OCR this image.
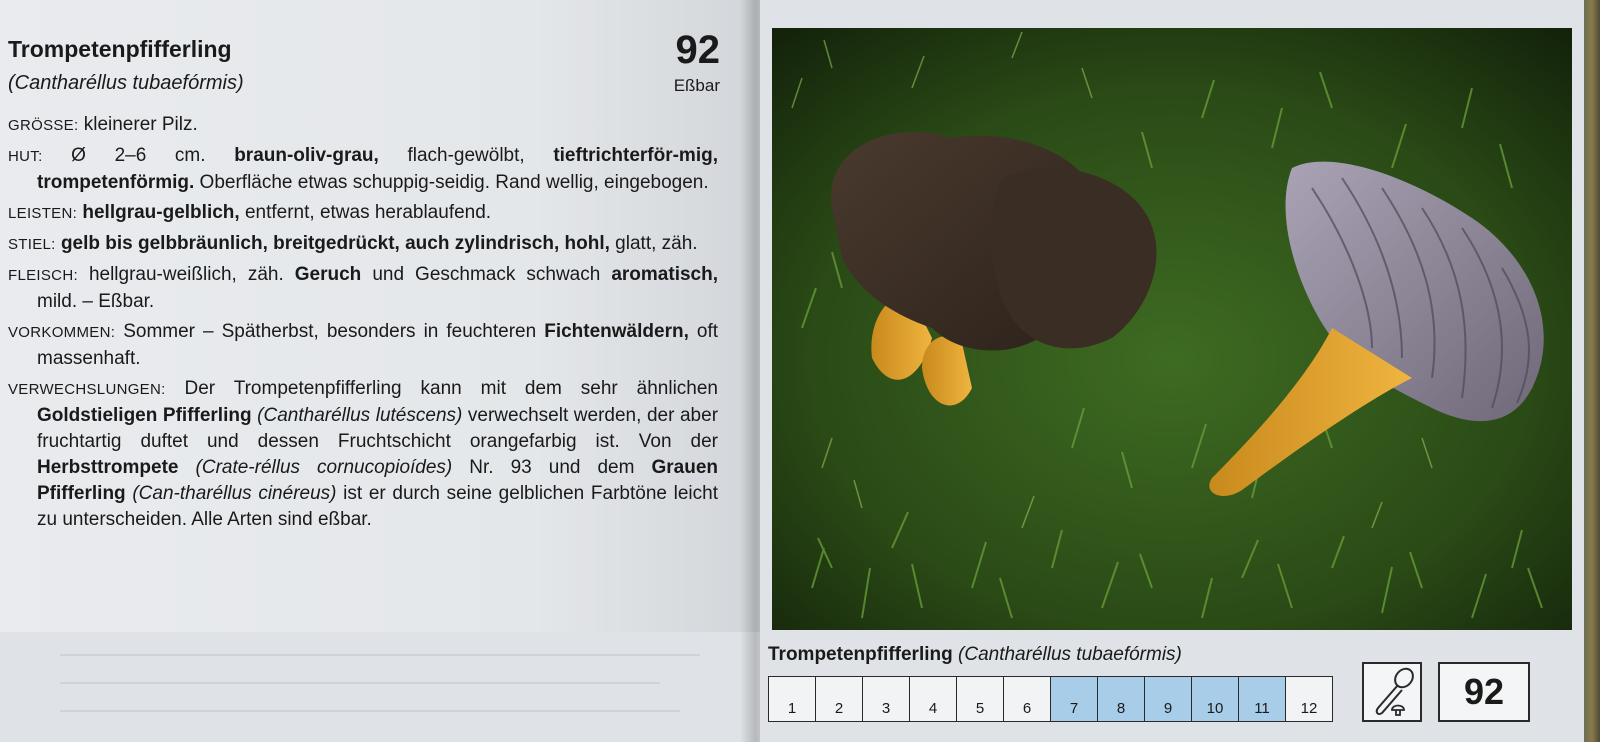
Trompetenpfifferling
(Cantharéllus tubaefórmis)
92
Eßbar
GRÖSSE: kleinerer Pilz.
HUT: Ø 2–6 cm. braun-oliv-grau, flach-gewölbt, tieftrichterför-mig, trompetenförmig. Oberfläche etwas schuppig-seidig. Rand wellig, eingebogen.
LEISTEN: hellgrau-gelblich, entfernt, etwas herablaufend.
STIEL: gelb bis gelbbräunlich, breitgedrückt, auch zylindrisch, hohl, glatt, zäh.
FLEISCH: hellgrau-weißlich, zäh. Geruch und Geschmack schwach aromatisch, mild. – Eßbar.
VORKOMMEN: Sommer – Spätherbst, besonders in feuchteren Fichtenwäldern, oft massenhaft.
VERWECHSLUNGEN: Der Trompetenpfifferling kann mit dem sehr ähnlichen Goldstieligen Pfifferling (Cantharéllus lutéscens) verwechselt werden, der aber fruchtartig duftet und dessen Fruchtschicht orangefarbig ist. Von der Herbsttrompete (Crate-réllus cornucopioídes) Nr. 93 und dem Grauen Pfifferling (Can-tharéllus cinéreus) ist er durch seine gelblichen Farbtöne leicht zu unterscheiden. Alle Arten sind eßbar.
Trompetenpfifferling (Cantharéllus tubaefórmis)
1	2	3	4	5	6	7	8	9	10	11	12	92
